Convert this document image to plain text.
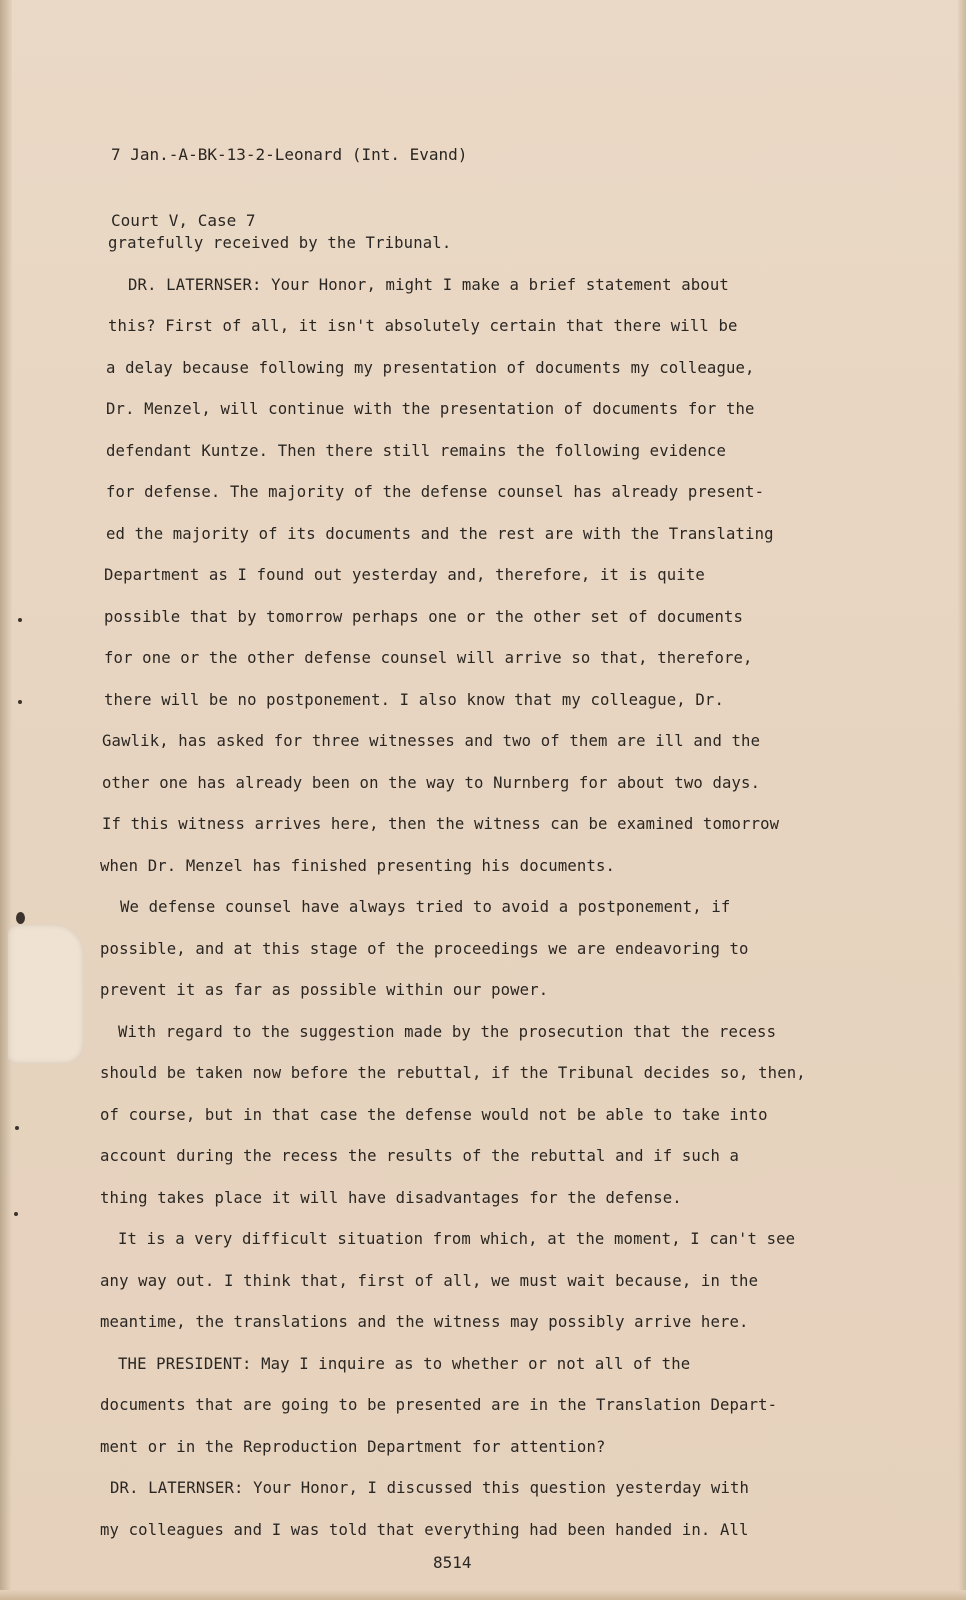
7 Jan.-A-BK-13-2-Leonard (Int. Evand)

Court V, Case 7

gratefully received by the Tribunal.
DR. LATERNSER: Your Honor, might I make a brief statement about
this? First of all, it isn't absolutely certain that there will be
a delay because following my presentation of documents my colleague,
Dr. Menzel, will continue with the presentation of documents for the
defendant Kuntze. Then there still remains the following evidence
for defense. The majority of the defense counsel has already present-
ed the majority of its documents and the rest are with the Translating
Department as I found out yesterday and, therefore, it is quite
possible that by tomorrow perhaps one or the other set of documents
for one or the other defense counsel will arrive so that, therefore,
there will be no postponement. I also know that my colleague, Dr.
Gawlik, has asked for three witnesses and two of them are ill and the
other one has already been on the way to Nurnberg for about two days.
If this witness arrives here, then the witness can be examined tomorrow
when Dr. Menzel has finished presenting his documents.
We defense counsel have always tried to avoid a postponement, if
possible, and at this stage of the proceedings we are endeavoring to
prevent it as far as possible within our power.
With regard to the suggestion made by the prosecution that the recess
should be taken now before the rebuttal, if the Tribunal decides so, then,
of course, but in that case the defense would not be able to take into
account during the recess the results of the rebuttal and if such a
thing takes place it will have disadvantages for the defense.
It is a very difficult situation from which, at the moment, I can't see
any way out. I think that, first of all, we must wait because, in the
meantime, the translations and the witness may possibly arrive here.
THE PRESIDENT: May I inquire as to whether or not all of the
documents that are going to be presented are in the Translation Depart-
ment or in the Reproduction Department for attention?
DR. LATERNSER: Your Honor, I discussed this question yesterday with
my colleagues and I was told that everything had been handed in. All
8514
